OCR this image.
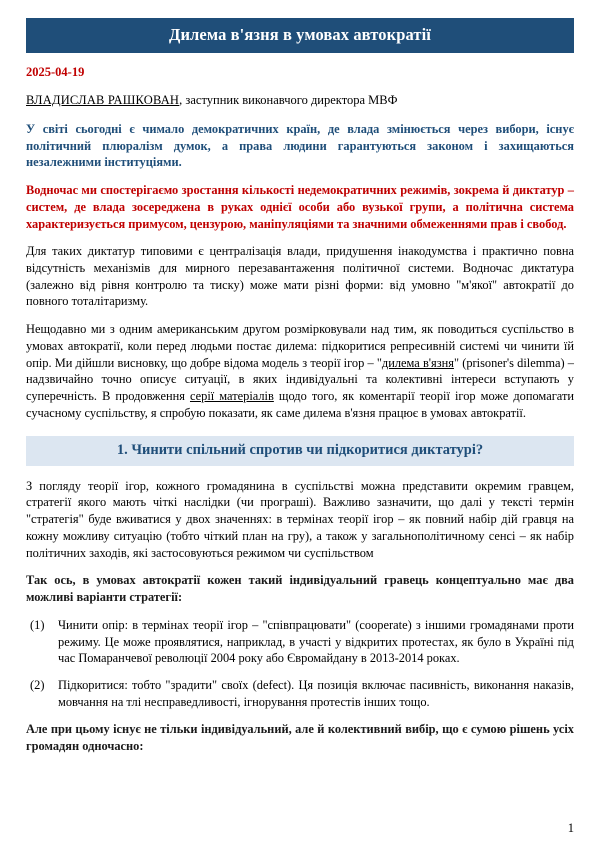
Дилема в'язня в умовах автократії
2025-04-19
ВЛАДИСЛАВ РАШКОВАН, заступник виконавчого директора МВФ

У світі сьогодні є чимало демократичних країн, де влада змінюється через вибори, існує політичний плюралізм думок, а права людини гарантуються законом і захищаються незалежними інституціями.

Водночас ми спостерігаємо зростання кількості недемократичних режимів, зокрема й диктатур – систем, де влада зосереджена в руках однієї особи або вузької групи, а політична система характеризується примусом, цензурою, маніпуляціями та значними обмеженнями прав і свобод.

Для таких диктатур типовими є централізація влади, придушення інакодумства і практично повна відсутність механізмів для мирного перезавантаження політичної системи. Водночас диктатура (залежно від рівня контролю та тиску) може мати різні форми: від умовно "м'якої" автократії до повного тоталітаризму.

Нещодавно ми з одним американським другом розмірковували над тим, як поводиться суспільство в умовах автократії, коли перед людьми постає дилема: підкоритися репресивній системі чи чинити їй опір. Ми дійшли висновку, що добре відома модель з теорії ігор – "дилема в'язня" (prisoner's dilemma) – надзвичайно точно описує ситуації, в яких індивідуальні та колективні інтереси вступають у суперечність. В продовження серії матеріалів щодо того, як коментарії теорії ігор може допомагати сучасному суспільству, я спробую показати, як саме дилема в'язня працює в умовах автократії.

1. Чинити спільний спротив чи підкоритися диктатурі?

З погляду теорії ігор, кожного громадянина в суспільстві можна представити окремим гравцем, стратегії якого мають чіткі наслідки (чи програші). Важливо зазначити, що далі у тексті термін "стратегія" буде вживатися у двох значеннях: в термінах теорії ігор – як повний набір дій гравця на кожну можливу ситуацію (тобто чіткий план на гру), а також у загальнополітичному сенсі – як набір політичних заходів, які застосовуються режимом чи суспільством

Так ось, в умовах автократії кожен такий індивідуальний гравець концептуально має два можливі варіанти стратегії:

(1) Чинити опір: в термінах теорії ігор – "співпрацювати" (cooperate) з іншими громадянами проти режиму. Це може проявлятися, наприклад, в участі у відкритих протестах, як було в Україні під час Помаранчевої революції 2004 року або Євромайдану в 2013-2014 роках.
(2) Підкоритися: тобто "зрадити" своїх (defect). Ця позиція включає пасивність, виконання наказів, мовчання на тлі несправедливості, ігнорування протестів інших тощо.

Але при цьому існує не тільки індивідуальний, але й колективний вибір, що є сумою рішень усіх громадян одночасно:

1
